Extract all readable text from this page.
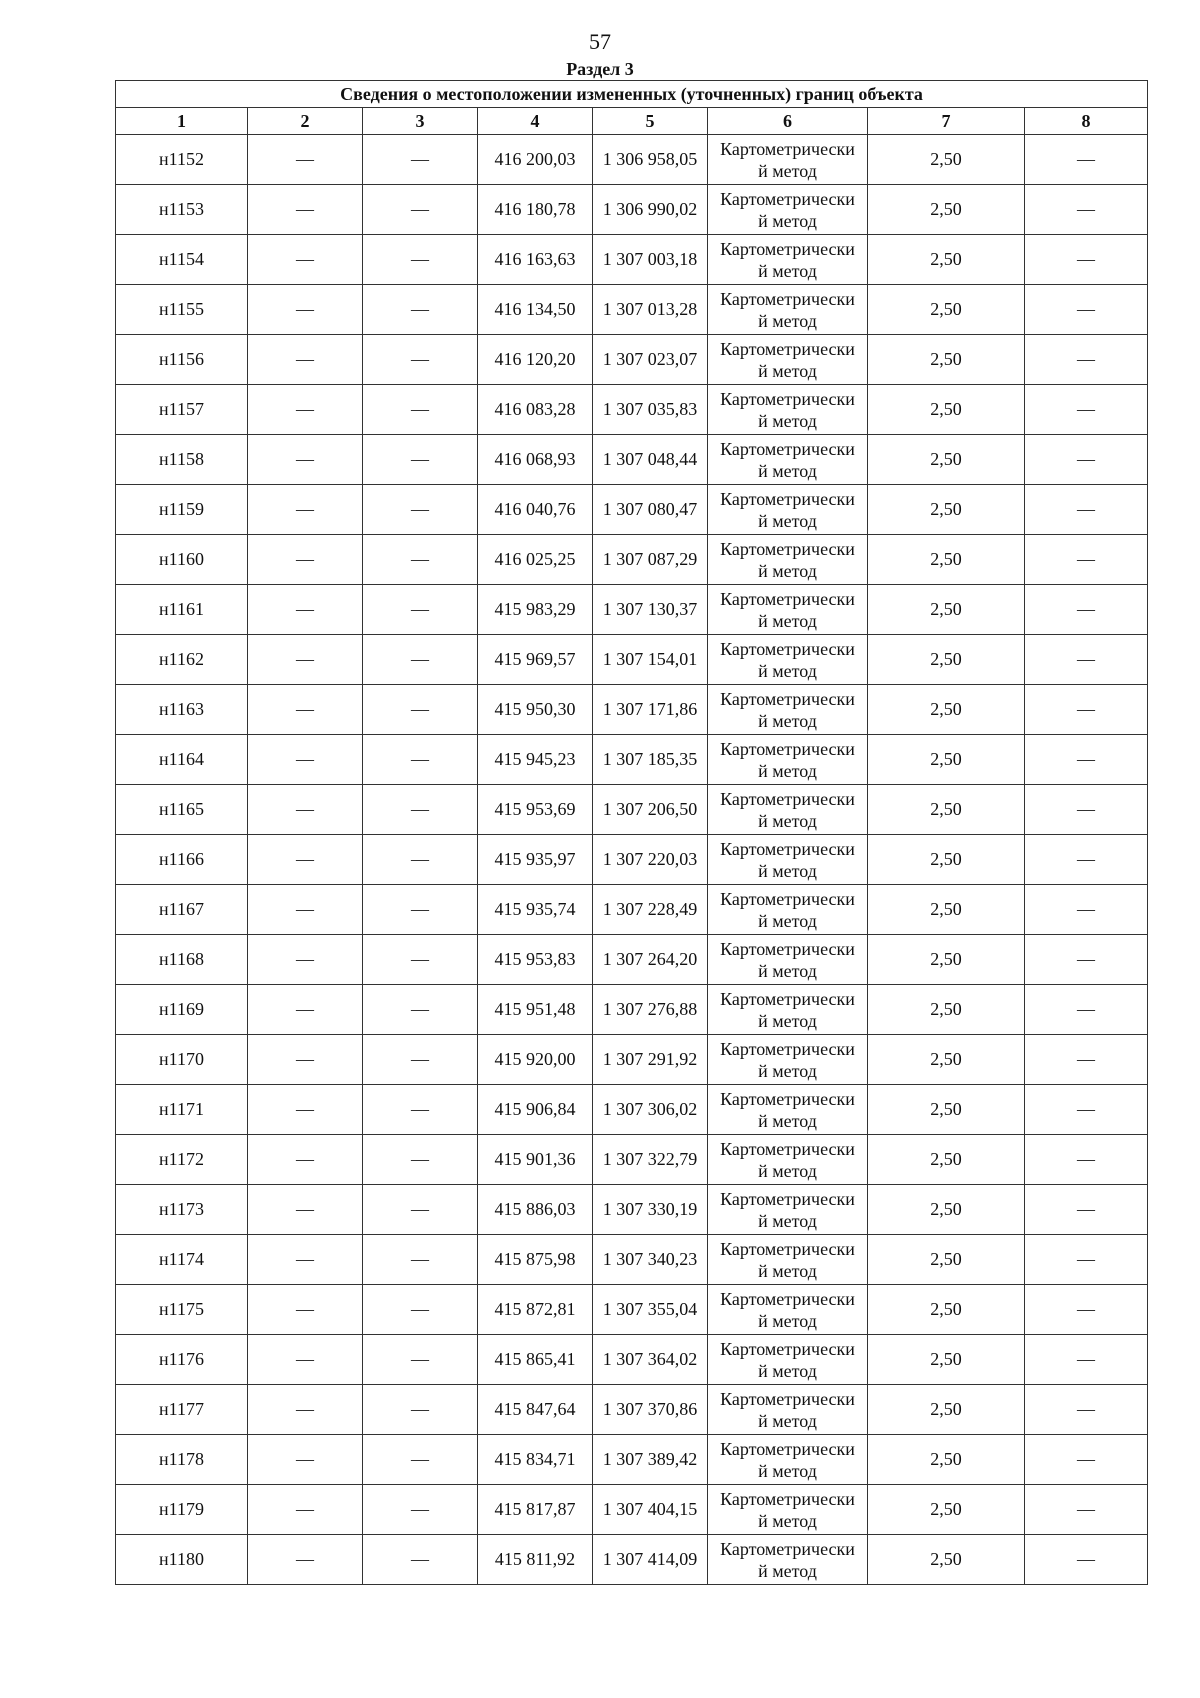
57
Раздел 3
Сведения о местоположении измененных (уточненных) границ объекта							
1	2	3	4	5	6	7	8
н1152	—	—	416 200,03	1 306 958,05	Картометрически
й метод	2,50	—
н1153	—	—	416 180,78	1 306 990,02	Картометрически
й метод	2,50	—
н1154	—	—	416 163,63	1 307 003,18	Картометрически
й метод	2,50	—
н1155	—	—	416 134,50	1 307 013,28	Картометрически
й метод	2,50	—
н1156	—	—	416 120,20	1 307 023,07	Картометрически
й метод	2,50	—
н1157	—	—	416 083,28	1 307 035,83	Картометрически
й метод	2,50	—
н1158	—	—	416 068,93	1 307 048,44	Картометрически
й метод	2,50	—
н1159	—	—	416 040,76	1 307 080,47	Картометрически
й метод	2,50	—
н1160	—	—	416 025,25	1 307 087,29	Картометрически
й метод	2,50	—
н1161	—	—	415 983,29	1 307 130,37	Картометрически
й метод	2,50	—
н1162	—	—	415 969,57	1 307 154,01	Картометрически
й метод	2,50	—
н1163	—	—	415 950,30	1 307 171,86	Картометрически
й метод	2,50	—
н1164	—	—	415 945,23	1 307 185,35	Картометрически
й метод	2,50	—
н1165	—	—	415 953,69	1 307 206,50	Картометрически
й метод	2,50	—
н1166	—	—	415 935,97	1 307 220,03	Картометрически
й метод	2,50	—
н1167	—	—	415 935,74	1 307 228,49	Картометрически
й метод	2,50	—
н1168	—	—	415 953,83	1 307 264,20	Картометрически
й метод	2,50	—
н1169	—	—	415 951,48	1 307 276,88	Картометрически
й метод	2,50	—
н1170	—	—	415 920,00	1 307 291,92	Картометрически
й метод	2,50	—
н1171	—	—	415 906,84	1 307 306,02	Картометрически
й метод	2,50	—
н1172	—	—	415 901,36	1 307 322,79	Картометрически
й метод	2,50	—
н1173	—	—	415 886,03	1 307 330,19	Картометрически
й метод	2,50	—
н1174	—	—	415 875,98	1 307 340,23	Картометрически
й метод	2,50	—
н1175	—	—	415 872,81	1 307 355,04	Картометрически
й метод	2,50	—
н1176	—	—	415 865,41	1 307 364,02	Картометрически
й метод	2,50	—
н1177	—	—	415 847,64	1 307 370,86	Картометрически
й метод	2,50	—
н1178	—	—	415 834,71	1 307 389,42	Картометрически
й метод	2,50	—
н1179	—	—	415 817,87	1 307 404,15	Картометрически
й метод	2,50	—
н1180	—	—	415 811,92	1 307 414,09	Картометрически
й метод	2,50	—
